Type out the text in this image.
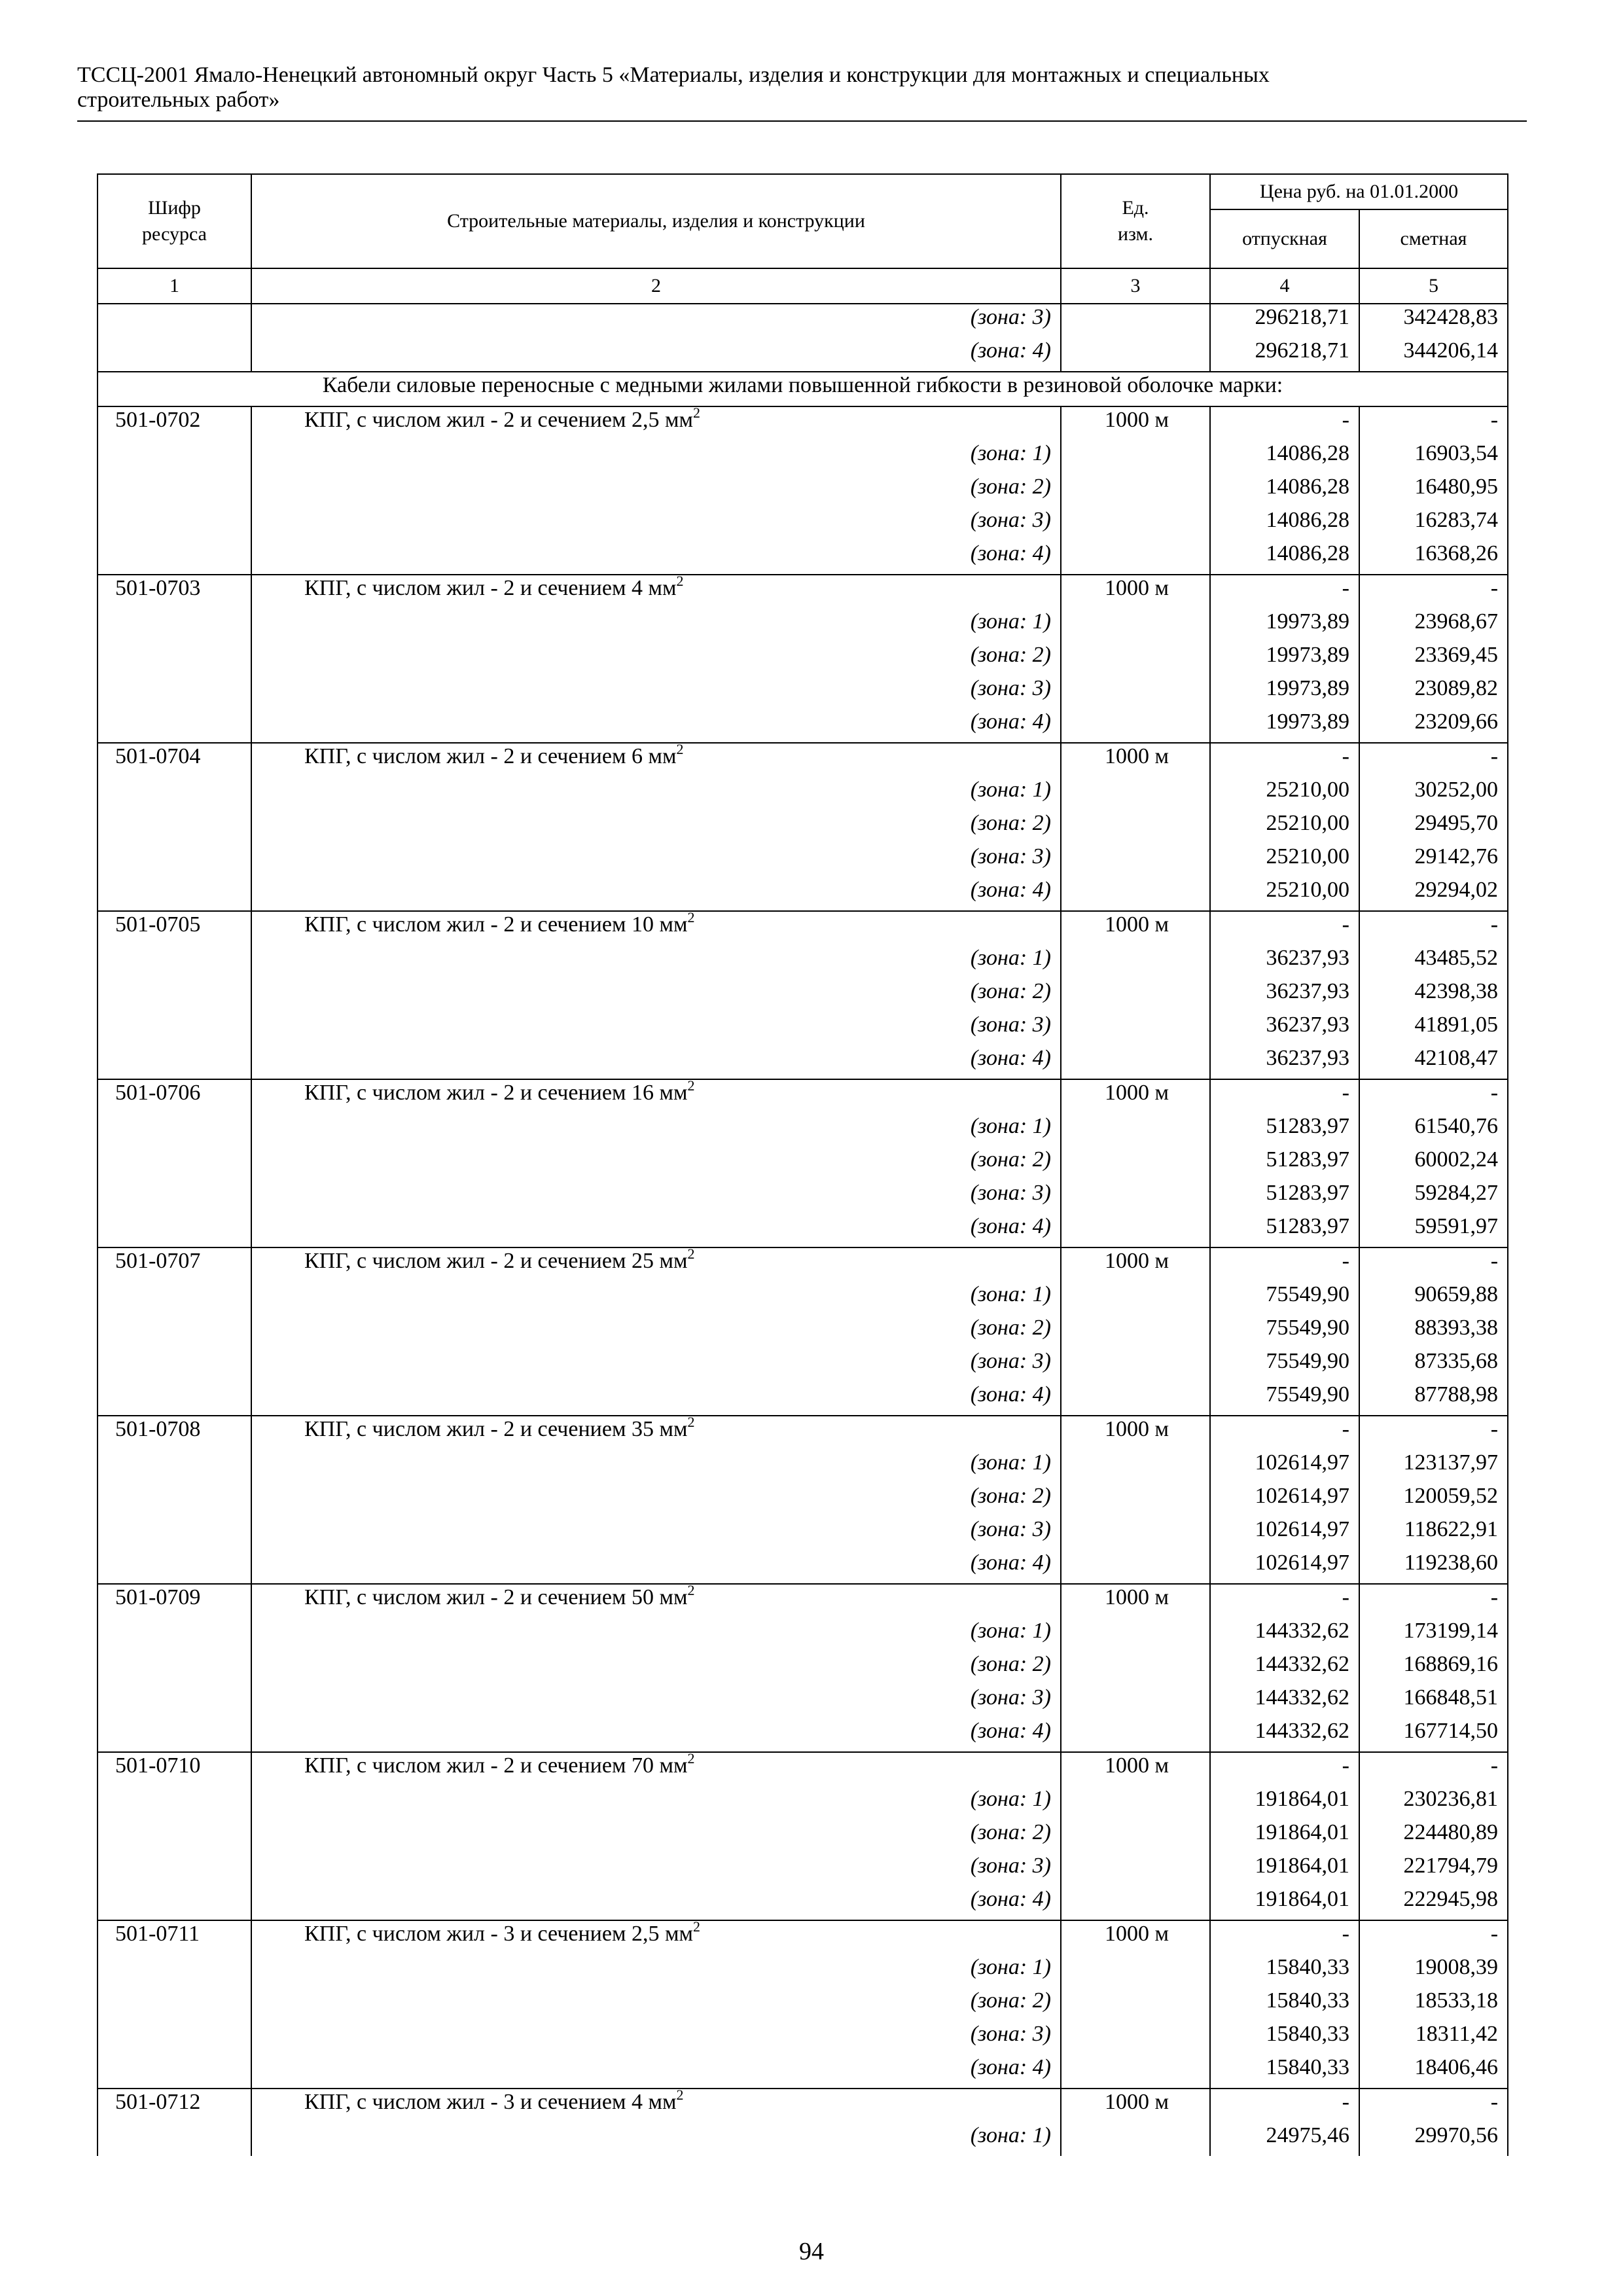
ТССЦ-2001 Ямало-Ненецкий автономный округ Часть 5 «Материалы, изделия и конструкции для монтажных и специальных
строительных работ»
Шифр ресурса	Строительные материалы, изделия и конструкции	Ед. изм.	Цена руб. на 01.01.2000	
			отпускная	сметная
1	2	3	4	5
	(зона: 3)		296218,71	342428,83
	(зона: 4)		296218,71	344206,14
Кабели силовые переносные с медными жилами повышенной гибкости в резиновой оболочке марки:				
501-0702	КПГ, с числом жил - 2 и сечением 2,5 $мм^2$	1000 м	-	-
	(зона: 1)		14086,28	16903,54
	(зона: 2)		14086,28	16480,95
	(зона: 3)		14086,28	16283,74
	(зона: 4)		14086,28	16368,26
501-0703	КПГ, с числом жил - 2 и сечением 4 $мм^2$	1000 м	-	-
	(зона: 1)		19973,89	23968,67
	(зона: 2)		19973,89	23369,45
	(зона: 3)		19973,89	23089,82
	(зона: 4)		19973,89	23209,66
501-0704	КПГ, с числом жил - 2 и сечением 6 $мм^2$	1000 м	-	-
	(зона: 1)		25210,00	30252,00
	(зона: 2)		25210,00	29495,70
	(зона: 3)		25210,00	29142,76
	(зона: 4)		25210,00	29294,02
501-0705	КПГ, с числом жил - 2 и сечением 10 $мм^2$	1000 м	-	-
	(зона: 1)		36237,93	43485,52
	(зона: 2)		36237,93	42398,38
	(зона: 3)		36237,93	41891,05
	(зона: 4)		36237,93	42108,47
501-0706	КПГ, с числом жил - 2 и сечением 16 $мм^2$	1000 м	-	-
	(зона: 1)		51283,97	61540,76
	(зона: 2)		51283,97	60002,24
	(зона: 3)		51283,97	59284,27
	(зона: 4)		51283,97	59591,97
501-0707	КПГ, с числом жил - 2 и сечением 25 $мм^2$	1000 м	-	-
	(зона: 1)		75549,90	90659,88
	(зона: 2)		75549,90	88393,38
	(зона: 3)		75549,90	87335,68
	(зона: 4)		75549,90	87788,98
501-0708	КПГ, с числом жил - 2 и сечением 35 $мм^2$	1000 м	-	-
	(зона: 1)		102614,97	123137,97
	(зона: 2)		102614,97	120059,52
	(зона: 3)		102614,97	118622,91
	(зона: 4)		102614,97	119238,60
501-0709	КПГ, с числом жил - 2 и сечением 50 $мм^2$	1000 м	-	-
	(зона: 1)		144332,62	173199,14
	(зона: 2)		144332,62	168869,16
	(зона: 3)		144332,62	166848,51
	(зона: 4)		144332,62	167714,50
501-0710	КПГ, с числом жил - 2 и сечением 70 $мм^2$	1000 м	-	-
	(зона: 1)		191864,01	230236,81
	(зона: 2)		191864,01	224480,89
	(зона: 3)		191864,01	221794,79
	(зона: 4)		191864,01	222945,98
501-0711	КПГ, с числом жил - 3 и сечением 2,5 $мм^2$	1000 м	-	-
	(зона: 1)		15840,33	19008,39
	(зона: 2)		15840,33	18533,18
	(зона: 3)		15840,33	18311,42
	(зона: 4)		15840,33	18406,46
501-0712	КПГ, с числом жил - 3 и сечением 4 $мм^2$	1000 м	-	-
	(зона: 1)		24975,46	29970,56
94
